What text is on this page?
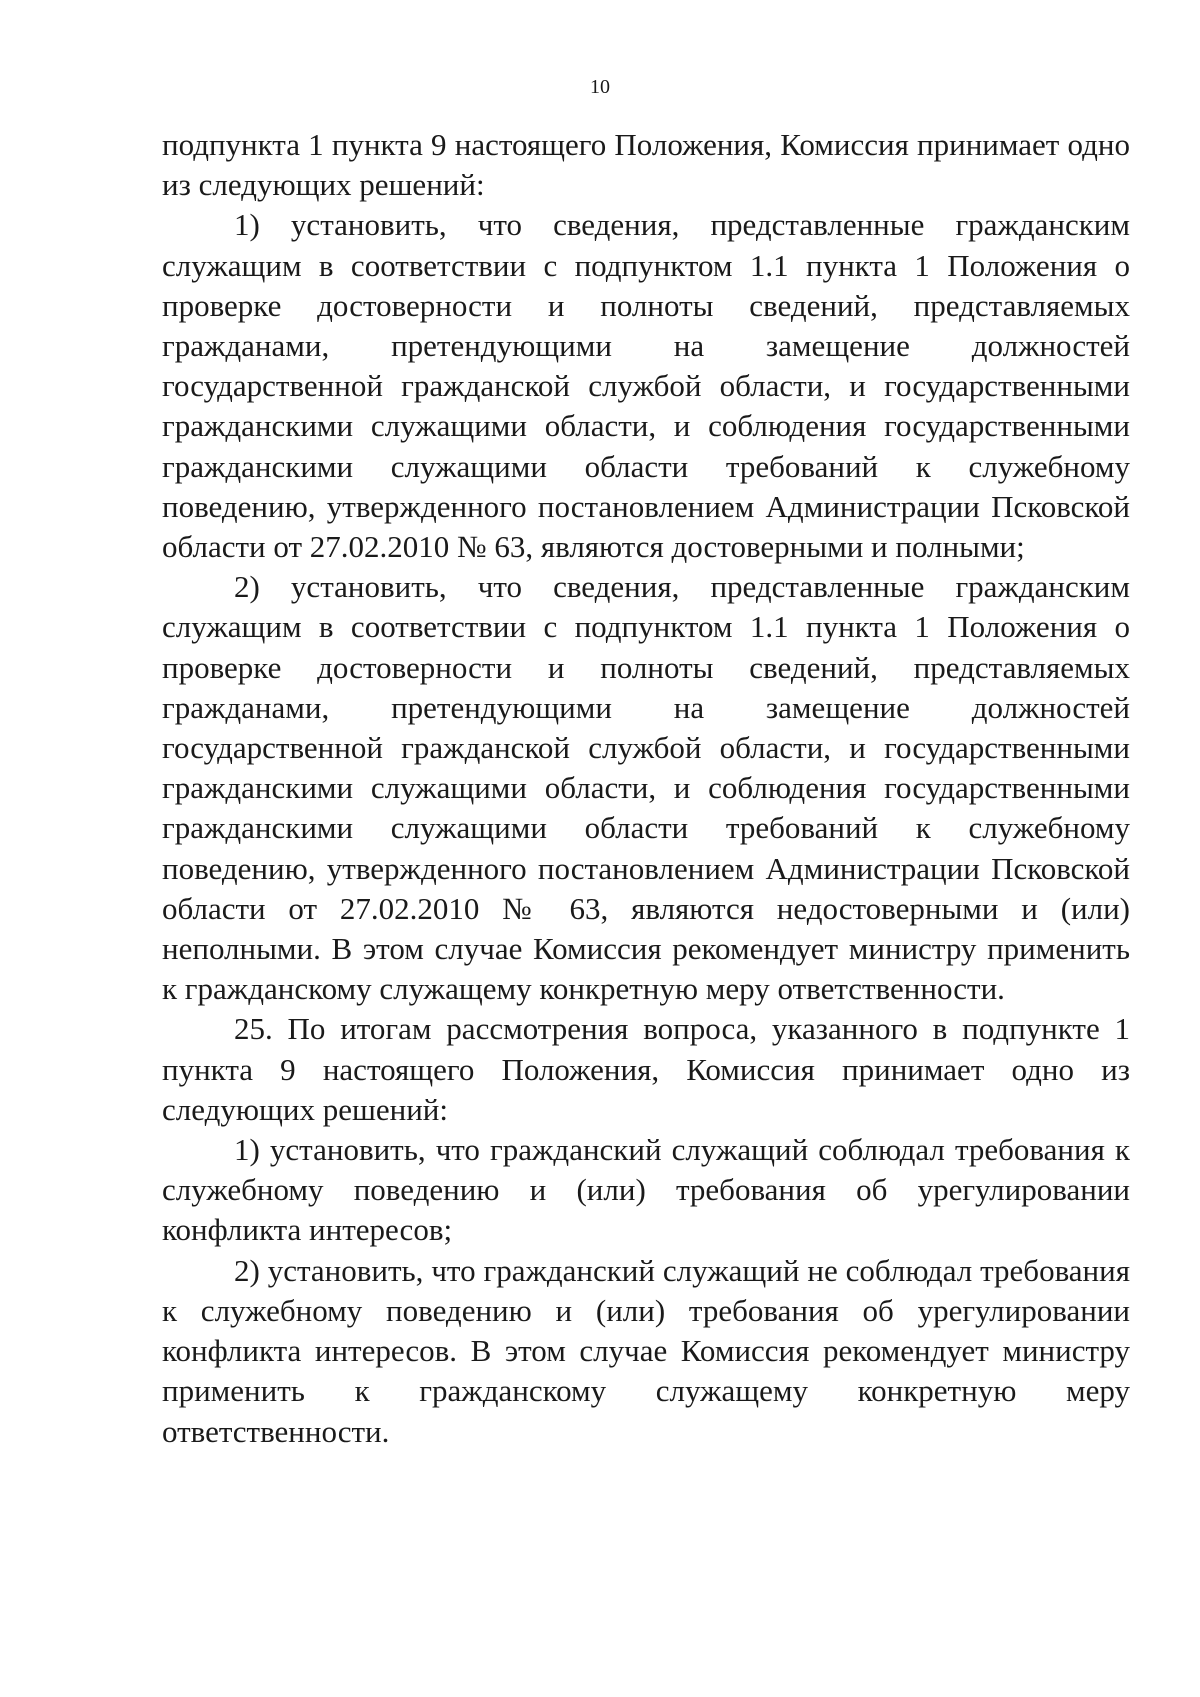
10

подпункта 1 пункта 9 настоящего Положения, Комиссия принимает одно из следующих решений:

1) установить, что сведения, представленные гражданским служащим в соответствии с подпунктом 1.1 пункта 1 Положения о проверке достоверности и полноты сведений, представляемых гражданами, претендующими на замещение должностей государственной гражданской службой области, и государственными гражданскими служащими области, и соблюдения государственными гражданскими служащими области требований к служебному поведению, утвержденного постановлением Администрации Псковской области от 27.02.2010 № 63, являются достоверными и полными;

2) установить, что сведения, представленные гражданским служащим в соответствии с подпунктом 1.1 пункта 1 Положения о проверке достоверности и полноты сведений, представляемых гражданами, претендующими на замещение должностей государственной гражданской службой области, и государственными гражданскими служащими области, и соблюдения государственными гражданскими служащими области требований к служебному поведению, утвержденного постановлением Администрации Псковской области от 27.02.2010 № 63, являются недостоверными и (или) неполными. В этом случае Комиссия рекомендует министру применить к гражданскому служащему конкретную меру ответственности.

25. По итогам рассмотрения вопроса, указанного в подпункте 1 пункта 9 настоящего Положения, Комиссия принимает одно из следующих решений:

1) установить, что гражданский служащий соблюдал требования к служебному поведению и (или) требования об урегулировании конфликта интересов;

2) установить, что гражданский служащий не соблюдал требования к служебному поведению и (или) требования об урегулировании конфликта интересов. В этом случае Комиссия рекомендует министру применить к гражданскому служащему конкретную меру ответственности.
